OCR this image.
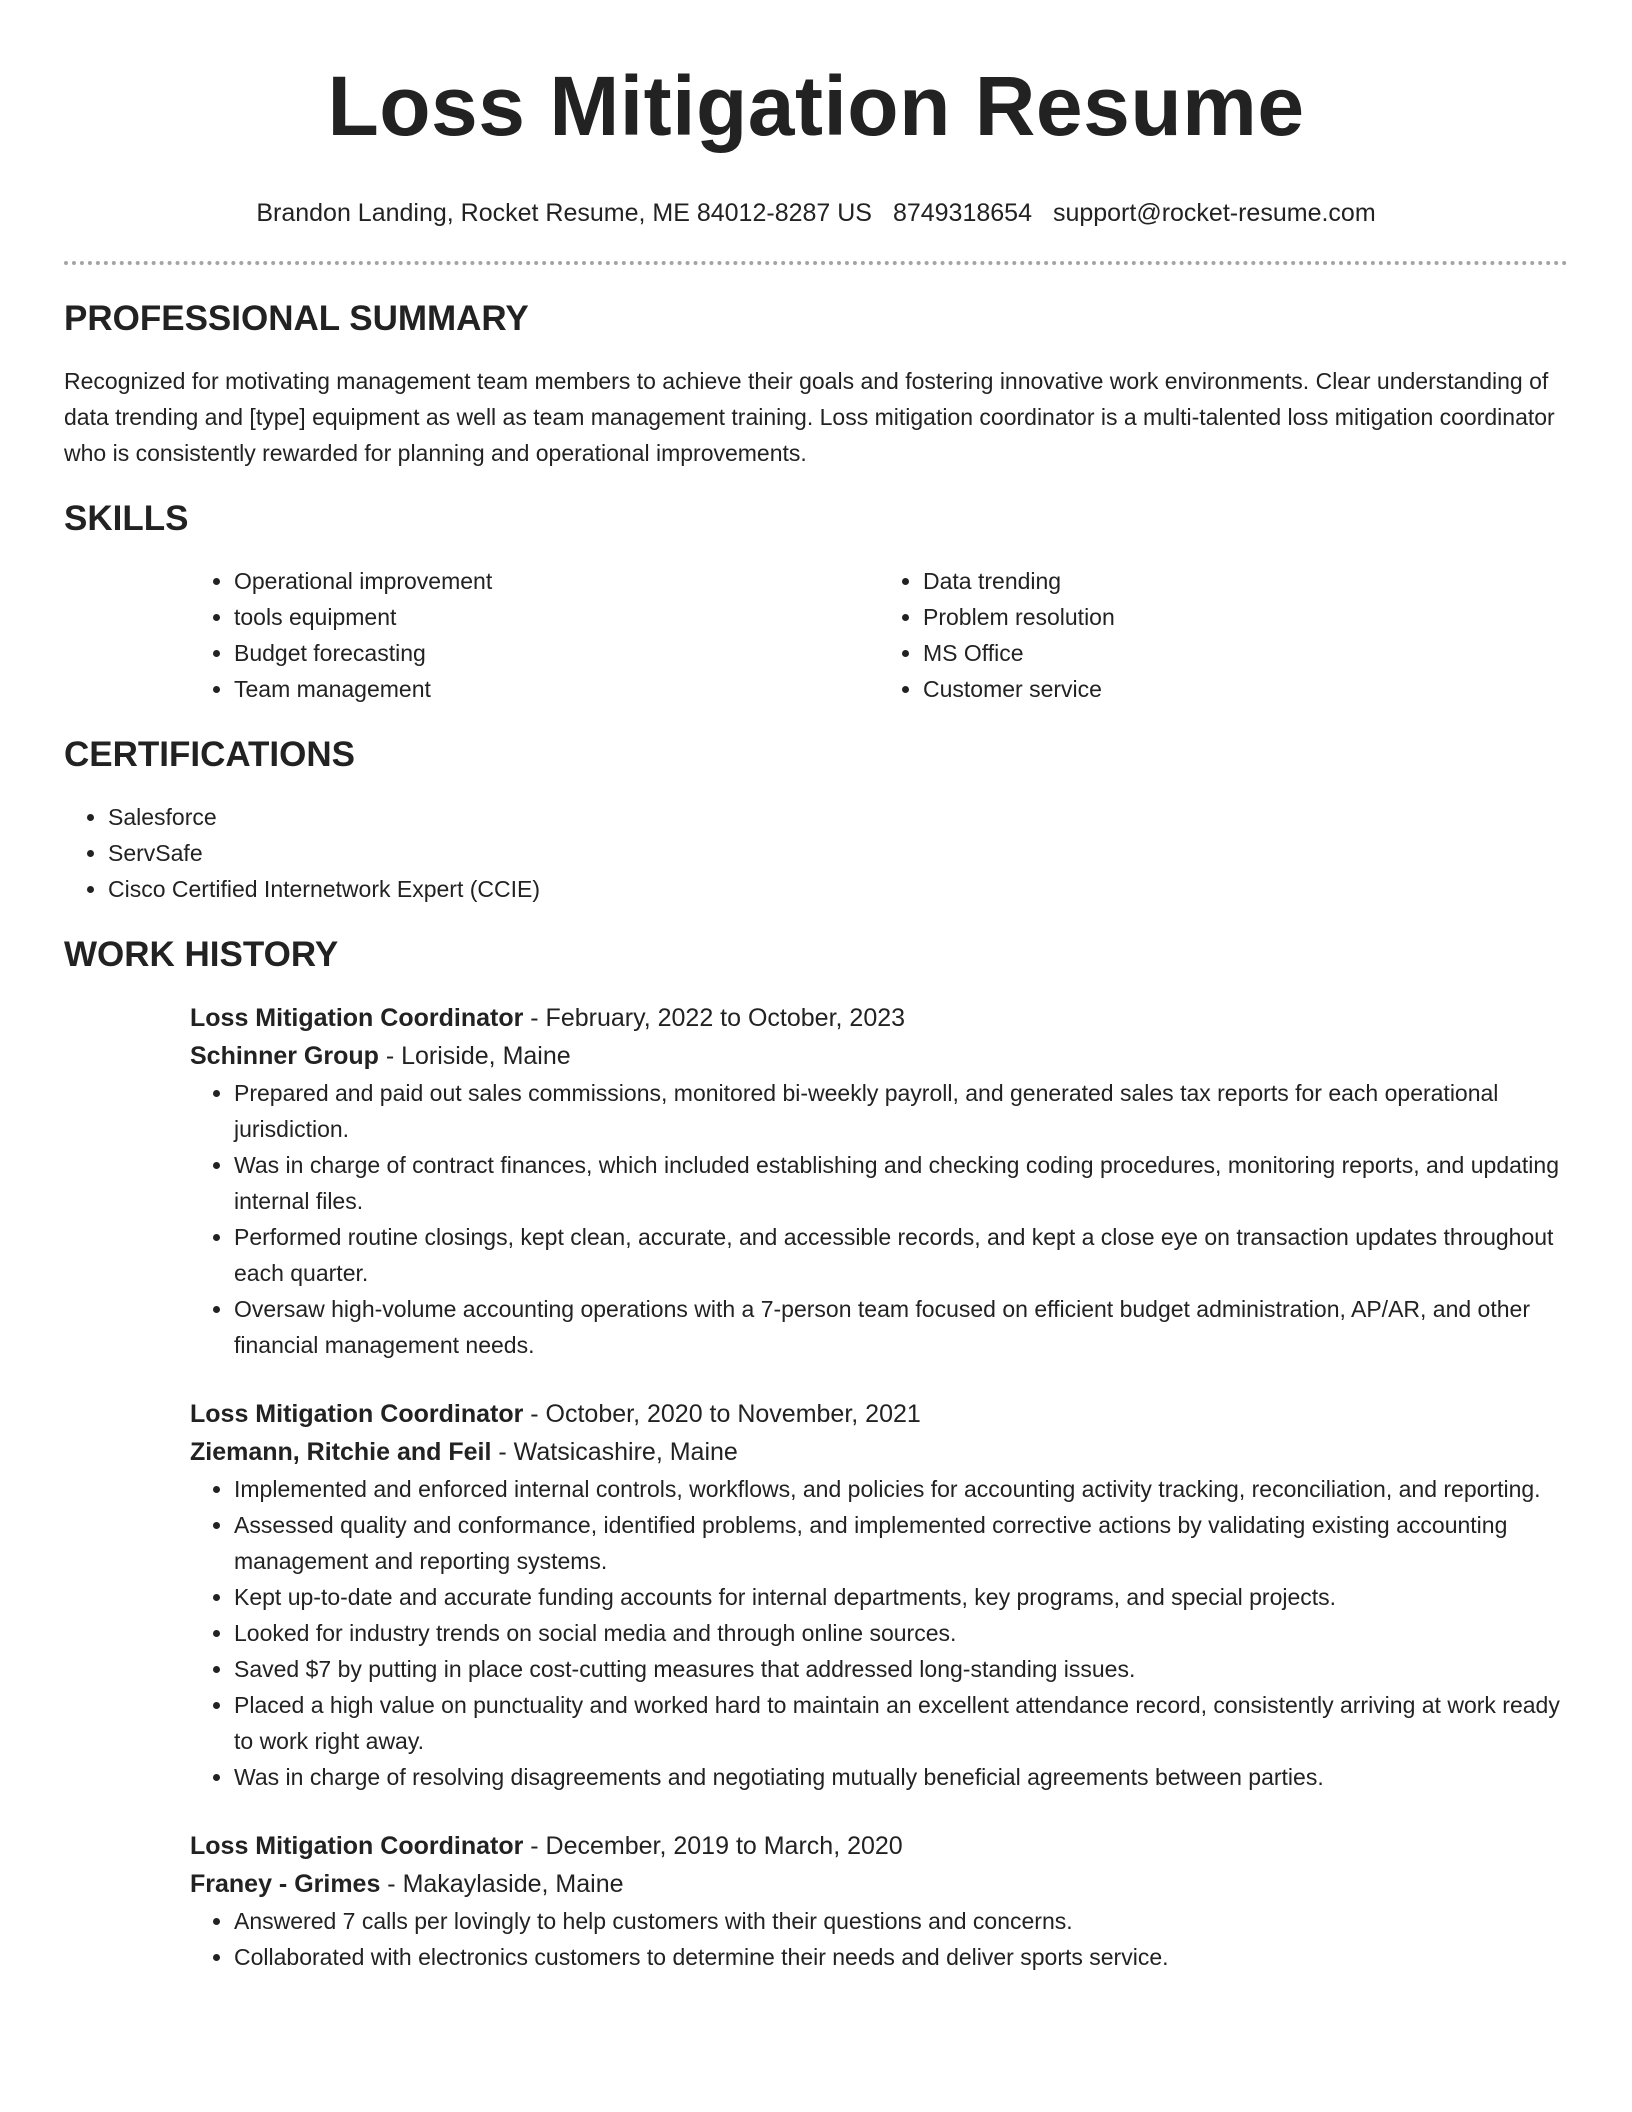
Loss Mitigation Resume
Brandon Landing, Rocket Resume, ME 84012-8287 US 8749318654 support@rocket-resume.com
PROFESSIONAL SUMMARY

Recognized for motivating management team members to achieve their goals and fostering innovative work environments. Clear understanding of data trending and [type] equipment as well as team management training. Loss mitigation coordinator is a multi-talented loss mitigation coordinator who is consistently rewarded for planning and operational improvements.

SKILLS
• Operational improvement
• tools equipment
• Budget forecasting
• Team management
• Data trending
• Problem resolution
• MS Office
• Customer service
CERTIFICATIONS
• Salesforce
• ServSafe
• Cisco Certified Internetwork Expert (CCIE)
WORK HISTORY

Loss Mitigation Coordinator - February, 2022 to October, 2023

Schinner Group - Loriside, Maine

• Prepared and paid out sales commissions, monitored bi-weekly payroll, and generated sales tax reports for each operational jurisdiction.
• Was in charge of contract finances, which included establishing and checking coding procedures, monitoring reports, and updating internal files.
• Performed routine closings, kept clean, accurate, and accessible records, and kept a close eye on transaction updates throughout each quarter.
• Oversaw high-volume accounting operations with a 7-person team focused on efficient budget administration, AP/AR, and other financial management needs.

Loss Mitigation Coordinator - October, 2020 to November, 2021

Ziemann, Ritchie and Feil - Watsicashire, Maine

• Implemented and enforced internal controls, workflows, and policies for accounting activity tracking, reconciliation, and reporting.
• Assessed quality and conformance, identified problems, and implemented corrective actions by validating existing accounting management and reporting systems.
• Kept up-to-date and accurate funding accounts for internal departments, key programs, and special projects.
• Looked for industry trends on social media and through online sources.
• Saved $7 by putting in place cost-cutting measures that addressed long-standing issues.
• Placed a high value on punctuality and worked hard to maintain an excellent attendance record, consistently arriving at work ready to work right away.
• Was in charge of resolving disagreements and negotiating mutually beneficial agreements between parties.

Loss Mitigation Coordinator - December, 2019 to March, 2020

Franey - Grimes - Makaylaside, Maine

• Answered 7 calls per lovingly to help customers with their questions and concerns.
• Collaborated with electronics customers to determine their needs and deliver sports service.
